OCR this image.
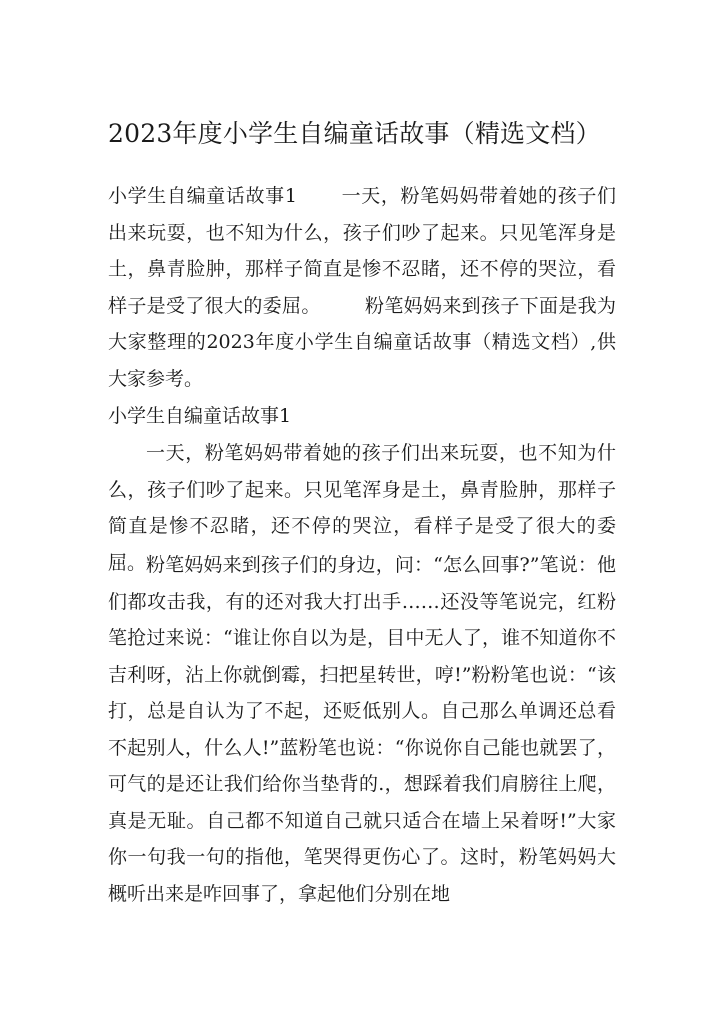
2023年度小学生自编童话故事（精选文档）

小学生自编童话故事1 一天，粉笔妈妈带着她的孩子们出来玩耍，也不知为什么，孩子们吵了起来。只见笔浑身是土，鼻青脸肿，那样子简直是惨不忍睹，还不停的哭泣，看样子是受了很大的委屈。 粉笔妈妈来到孩子下面是我为大家整理的2023年度小学生自编童话故事（精选文档）,供大家参考。

小学生自编童话故事1

一天，粉笔妈妈带着她的孩子们出来玩耍，也不知为什么，孩子们吵了起来。只见笔浑身是土，鼻青脸肿，那样子简直是惨不忍睹，还不停的哭泣，看样子是受了很大的委屈。 粉笔妈妈来到孩子们的身边，问：“怎么回事?”笔说：他们都攻击我，有的还对我大打出手……还没等笔说完，红粉笔抢过来说：“谁让你自以为是，目中无人了，谁不知道你不吉利呀，沾上你就倒霉，扫把星转世，哼!”粉粉笔也说：“该打，总是自认为了不起，还贬低别人。自己那么单调还总看不起别人，什么人!”蓝粉笔也说：“你说你自己能也就罢了，可气的是还让我们给你当垫背的.，想踩着我们肩膀往上爬，真是无耻。自己都不知道自己就只适合在墙上呆着呀!”大家你一句我一句的指他，笔哭得更伤心了。这时，粉笔妈妈大概听出来是咋回事了，拿起他们分别在地
